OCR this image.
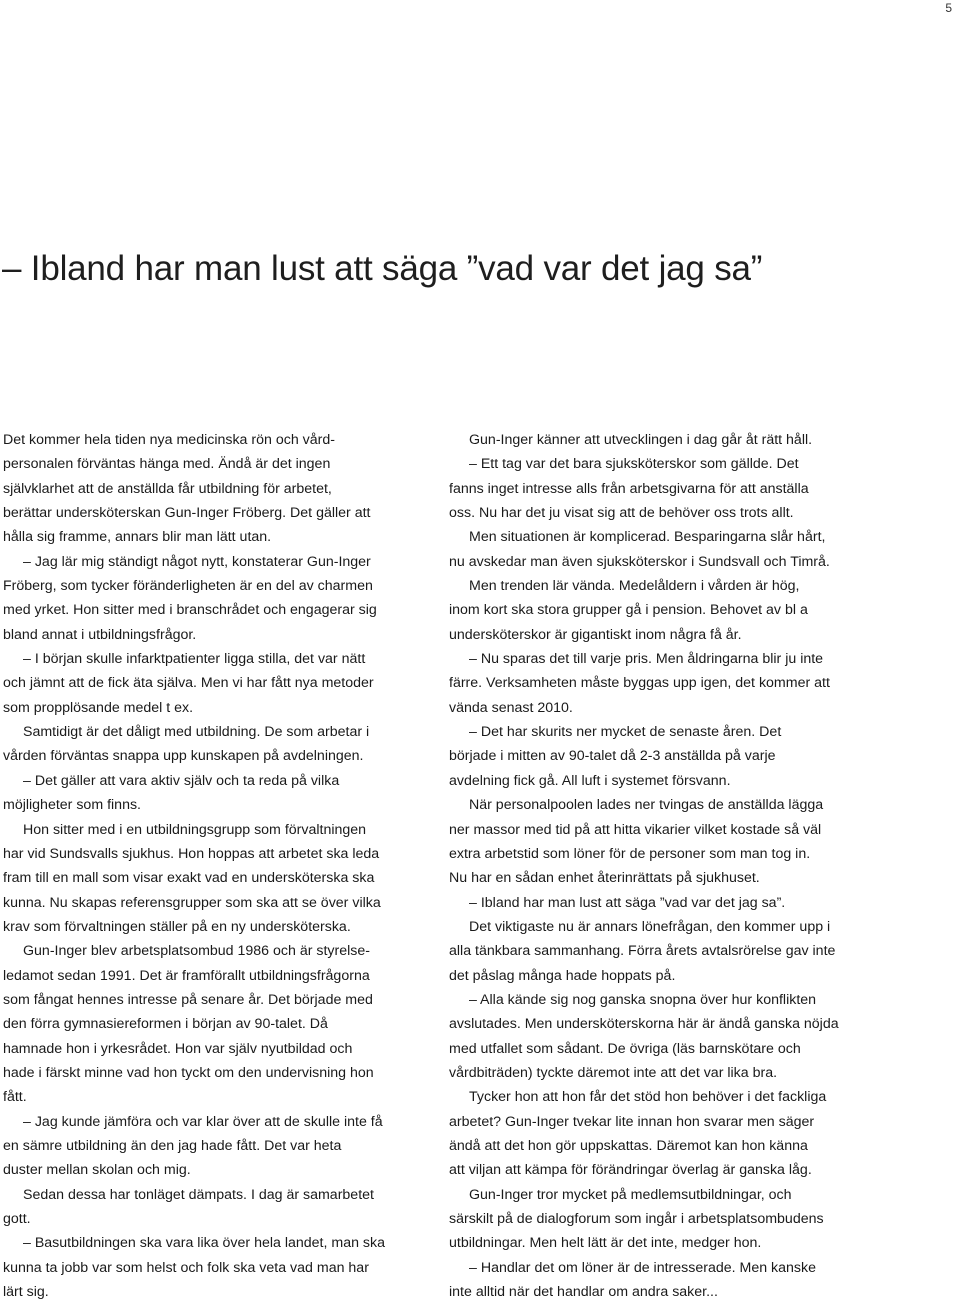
5
– Ibland har man lust att säga ”vad var det jag sa”
Det kommer hela tiden nya medicinska rön och vård-
personalen förväntas hänga med. Ändå är det ingen
självklarhet att de anställda får utbildning för arbetet,
berättar undersköterskan Gun-Inger Fröberg. Det gäller att
hålla sig framme, annars blir man lätt utan.
– Jag lär mig ständigt något nytt, konstaterar Gun-Inger
Fröberg, som tycker föränderligheten är en del av charmen
med yrket. Hon sitter med i branschrådet och engagerar sig
bland annat i utbildningsfrågor.
– I början skulle infarktpatienter ligga stilla, det var nätt
och jämnt att de fick äta själva. Men vi har fått nya metoder
som propplösande medel t ex.
Samtidigt är det dåligt med utbildning. De som arbetar i
vården förväntas snappa upp kunskapen på avdelningen.
– Det gäller att vara aktiv själv och ta reda på vilka
möjligheter som finns.
Hon sitter med i en utbildningsgrupp som förvaltningen
har vid Sundsvalls sjukhus. Hon hoppas att arbetet ska leda
fram till en mall som visar exakt vad en undersköterska ska
kunna. Nu skapas referensgrupper som ska att se över vilka
krav som förvaltningen ställer på en ny undersköterska.
Gun-Inger blev arbetsplatsombud 1986 och är styrelse-
ledamot sedan 1991. Det är framförallt utbildningsfrågorna
som fångat hennes intresse på senare år. Det började med
den förra gymnasiereformen i början av 90-talet. Då
hamnade hon i yrkesrådet. Hon var själv nyutbildad och
hade i färskt minne vad hon tyckt om den undervisning hon
fått.
– Jag kunde jämföra och var klar över att de skulle inte få
en sämre utbildning än den jag hade fått. Det var heta
duster mellan skolan och mig.
Sedan dessa har tonläget dämpats. I dag är samarbetet
gott.
– Basutbildningen ska vara lika över hela landet, man ska
kunna ta jobb var som helst och folk ska veta vad man har
lärt sig.
Gun-Inger känner att utvecklingen i dag går åt rätt håll.
– Ett tag var det bara sjuksköterskor som gällde. Det
fanns inget intresse alls från arbetsgivarna för att anställa
oss. Nu har det ju visat sig att de behöver oss trots allt.
Men situationen är komplicerad. Besparingarna slår hårt,
nu avskedar man även sjuksköterskor i Sundsvall och Timrå.
Men trenden lär vända. Medelåldern i vården är hög,
inom kort ska stora grupper gå i pension. Behovet av bl a
undersköterskor är gigantiskt inom några få år.
– Nu sparas det till varje pris. Men åldringarna blir ju inte
färre. Verksamheten måste byggas upp igen, det kommer att
vända senast 2010.
– Det har skurits ner mycket de senaste åren. Det
började i mitten av 90-talet då 2-3 anställda på varje
avdelning fick gå. All luft i systemet försvann.
När personalpoolen lades ner tvingas de anställda lägga
ner massor med tid på att hitta vikarier vilket kostade så väl
extra arbetstid som löner för de personer som man tog in.
Nu har en sådan enhet återinrättats på sjukhuset.
– Ibland har man lust att säga ”vad var det jag sa”.
Det viktigaste nu är annars lönefrågan, den kommer upp i
alla tänkbara sammanhang. Förra årets avtalsrörelse gav inte
det påslag många hade hoppats på.
– Alla kände sig nog ganska snopna över hur konflikten
avslutades. Men undersköterskorna här är ändå ganska nöjda
med utfallet som sådant. De övriga (läs barnskötare och
vårdbiträden) tyckte däremot inte att det var lika bra.
Tycker hon att hon får det stöd hon behöver i det fackliga
arbetet? Gun-Inger tvekar lite innan hon svarar men säger
ändå att det hon gör uppskattas. Däremot kan hon känna
att viljan att kämpa för förändringar överlag är ganska låg.
Gun-Inger tror mycket på medlemsutbildningar, och
särskilt på de dialogforum som ingår i arbetsplatsombudens
utbildningar. Men helt lätt är det inte, medger hon.
– Handlar det om löner är de intresserade. Men kanske
inte alltid när det handlar om andra saker...
